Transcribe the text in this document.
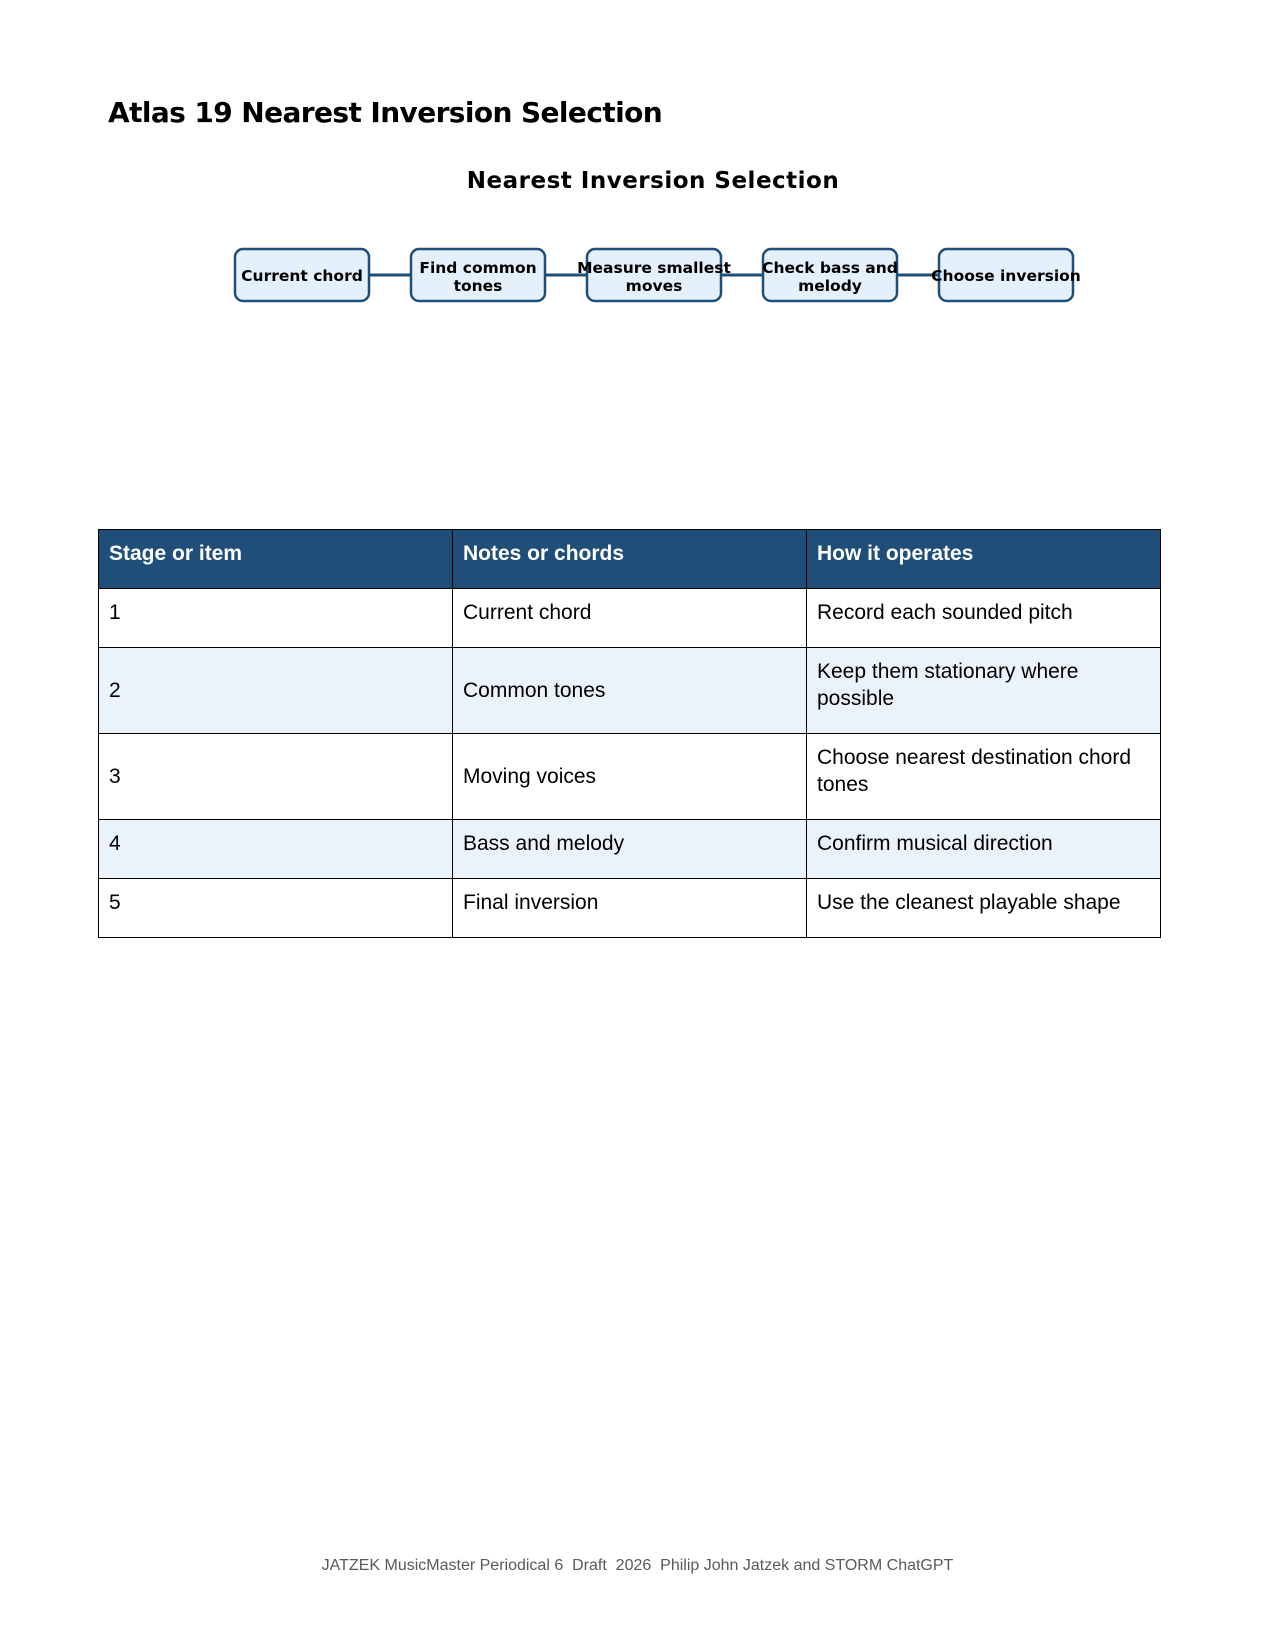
Atlas 19 Nearest Inversion Selection
Nearest Inversion Selection
Current chord	Find common
tones
Measure smallest
moves
Check bass and
melody
Choose inversion
Stage or item	Notes or chords	How it operates
1	Current chord	Record each sounded pitch
2	Common tones	Keep them stationary where possible
3	Moving voices	Choose nearest destination chord tones
4	Bass and melody	Confirm musical direction
5	Final inversion	Use the cleanest playable shape
JATZEK MusicMaster Periodical 6  Draft  2026  Philip John Jatzek and STORM ChatGPT
